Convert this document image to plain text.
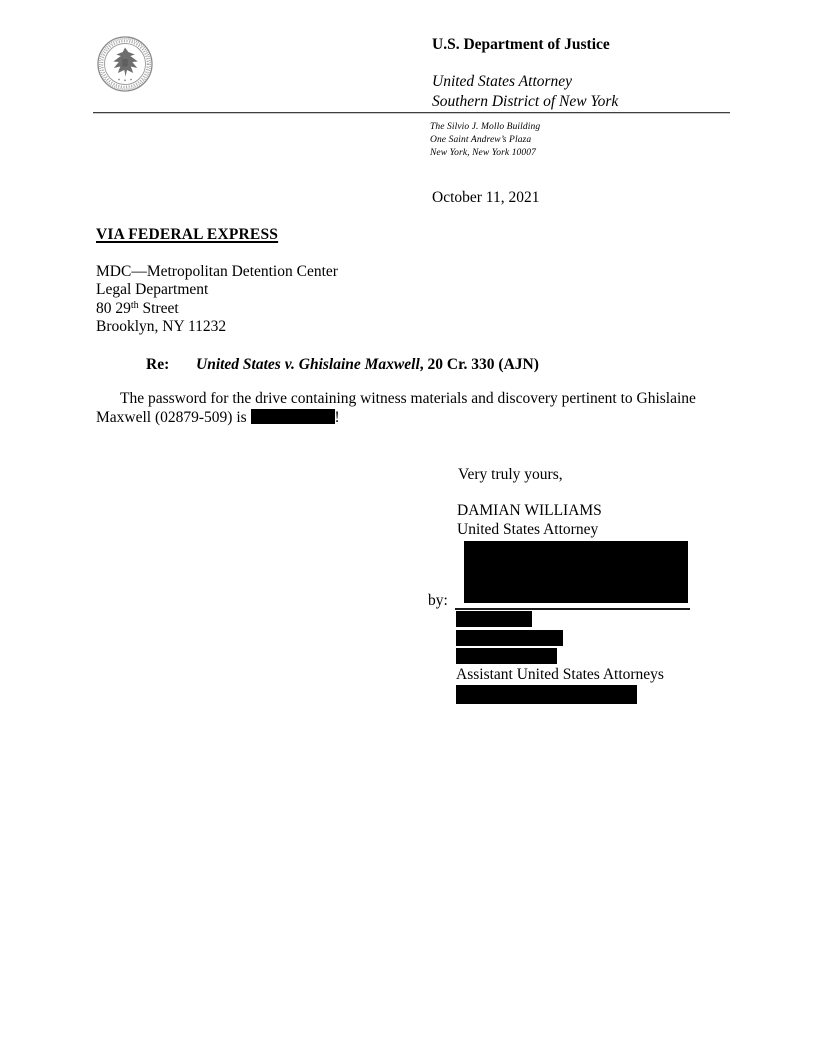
U.S. Department of Justice
United States Attorney
Southern District of New York
The Silvio J. Mollo Building
One Saint Andrew’s Plaza
New York, New York 10007
October 11, 2021
VIA FEDERAL EXPRESS
MDC—Metropolitan Detention Center
Legal Department
80 29th Street
Brooklyn, NY 11232
Re: United States v. Ghislaine Maxwell, 20 Cr. 330 (AJN)
The password for the drive containing witness materials and discovery pertinent to Ghislaine
Maxwell (02879-509) is	!
Very truly yours,
DAMIAN WILLIAMS
United States Attorney
by:
Assistant United States Attorneys
